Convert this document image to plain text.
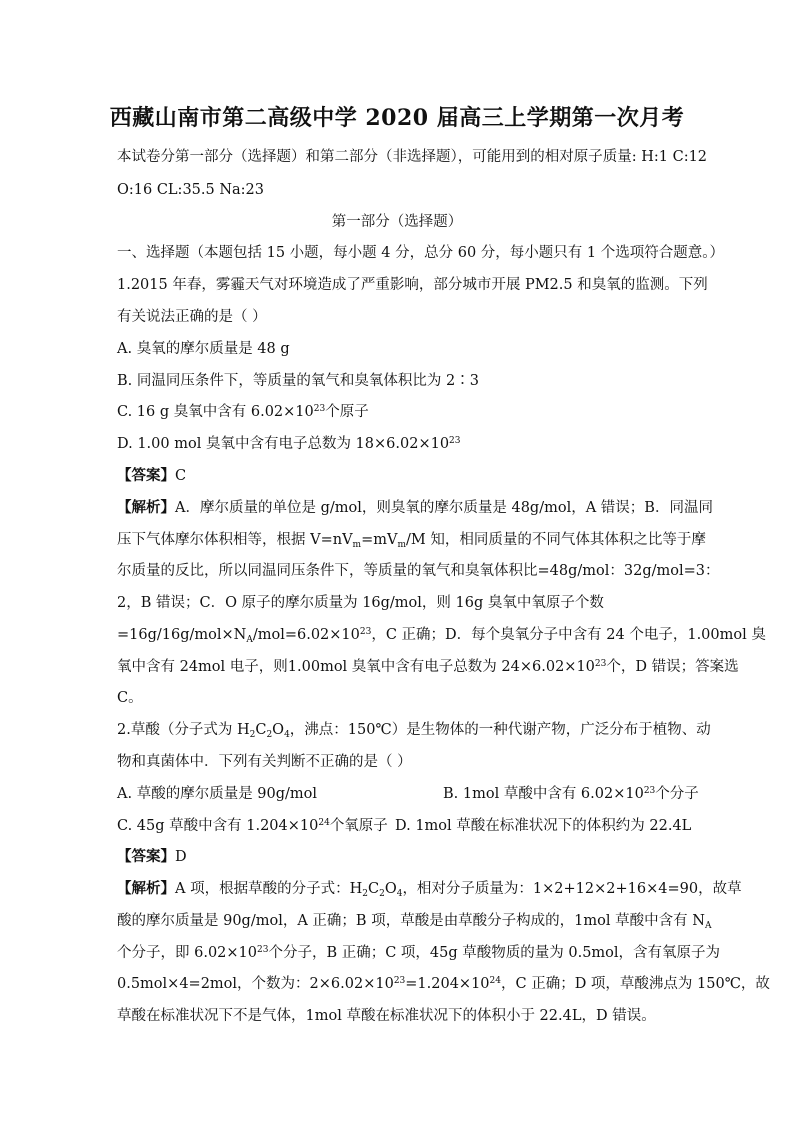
西藏山南市第二高级中学 2020 届高三上学期第一次月考
本试卷分第一部分（选择题）和第二部分（非选择题），可能用到的相对原子质量: H:1 C:12
O:16 CL:35.5 Na:23
第一部分（选择题）
一、选择题（本题包括 15 小题，每小题 4 分，总分 60 分，每小题只有 1 个选项符合题意。）
1.2015 年春，雾霾天气对环境造成了严重影响，部分城市开展 PM2.5 和臭氧的监测。下列
有关说法正确的是（ ）
A. 臭氧的摩尔质量是 48 g
B. 同温同压条件下，等质量的氧气和臭氧体积比为 2∶3
C. 16 g 臭氧中含有 $6.02\times 10^{23}$个原子
D. 1.00 mol 臭氧中含有电子总数为 $18\times 6.02\times 10^{23}$
【答案】C
【解析】A．摩尔质量的单位是 g/mol，则臭氧的摩尔质量是 48g/mol，A 错误；B．同温同
压下气体摩尔体积相等，根据 $V=nV_m=mV_m/M$ 知，相同质量的不同气体其体积之比等于摩
尔质量的反比，所以同温同压条件下，等质量的氧气和臭氧体积比=48g/mol：32g/mol=3：
2，B 错误；C．O 原子的摩尔质量为 16g/mol，则 16g 臭氧中氧原子个数
$=16g/16g/mol\times N_A/mol=6.02\times 10^{23}$，C 正确；D．每个臭氧分子中含有 24 个电子，1.00mol 臭
氧中含有 24mol 电子，则1.00mol 臭氧中含有电子总数为 $24\times 6.02\times 10^{23}$个，D 错误；答案选
C。
2.草酸（分子式为 $H_2C_2O_4$，沸点：150℃）是生物体的一种代谢产物，广泛分布于植物、动
物和真菌体中．下列有关判断不正确的是（ ）
A. 草酸的摩尔质量是 90g/mol	B. 1mol 草酸中含有 $6.02\times 10^{23}$个分子
C. 45g 草酸中含有 $1.204\times 10^{24}$个氧原子 D. 1mol 草酸在标准状况下的体积约为 22.4L
【答案】D
【解析】A 项，根据草酸的分子式：$H_2C_2O_4$，相对分子质量为：1×2+12×2+16×4=90，故草
酸的摩尔质量是 90g/mol，A 正确；B 项，草酸是由草酸分子构成的，1mol 草酸中含有 $N_A$
个分子，即 $6.02\times 10^{23}$个分子，B 正确；C 项，45g 草酸物质的量为 0.5mol，含有氧原子为
0.5mol×4=2mol，个数为：$2\times 6.02\times 10^{23}=1.204\times 10^{24}$，C 正确；D 项，草酸沸点为 150℃，故
草酸在标准状况下不是气体，1mol 草酸在标准状况下的体积小于 22.4L，D 错误。
